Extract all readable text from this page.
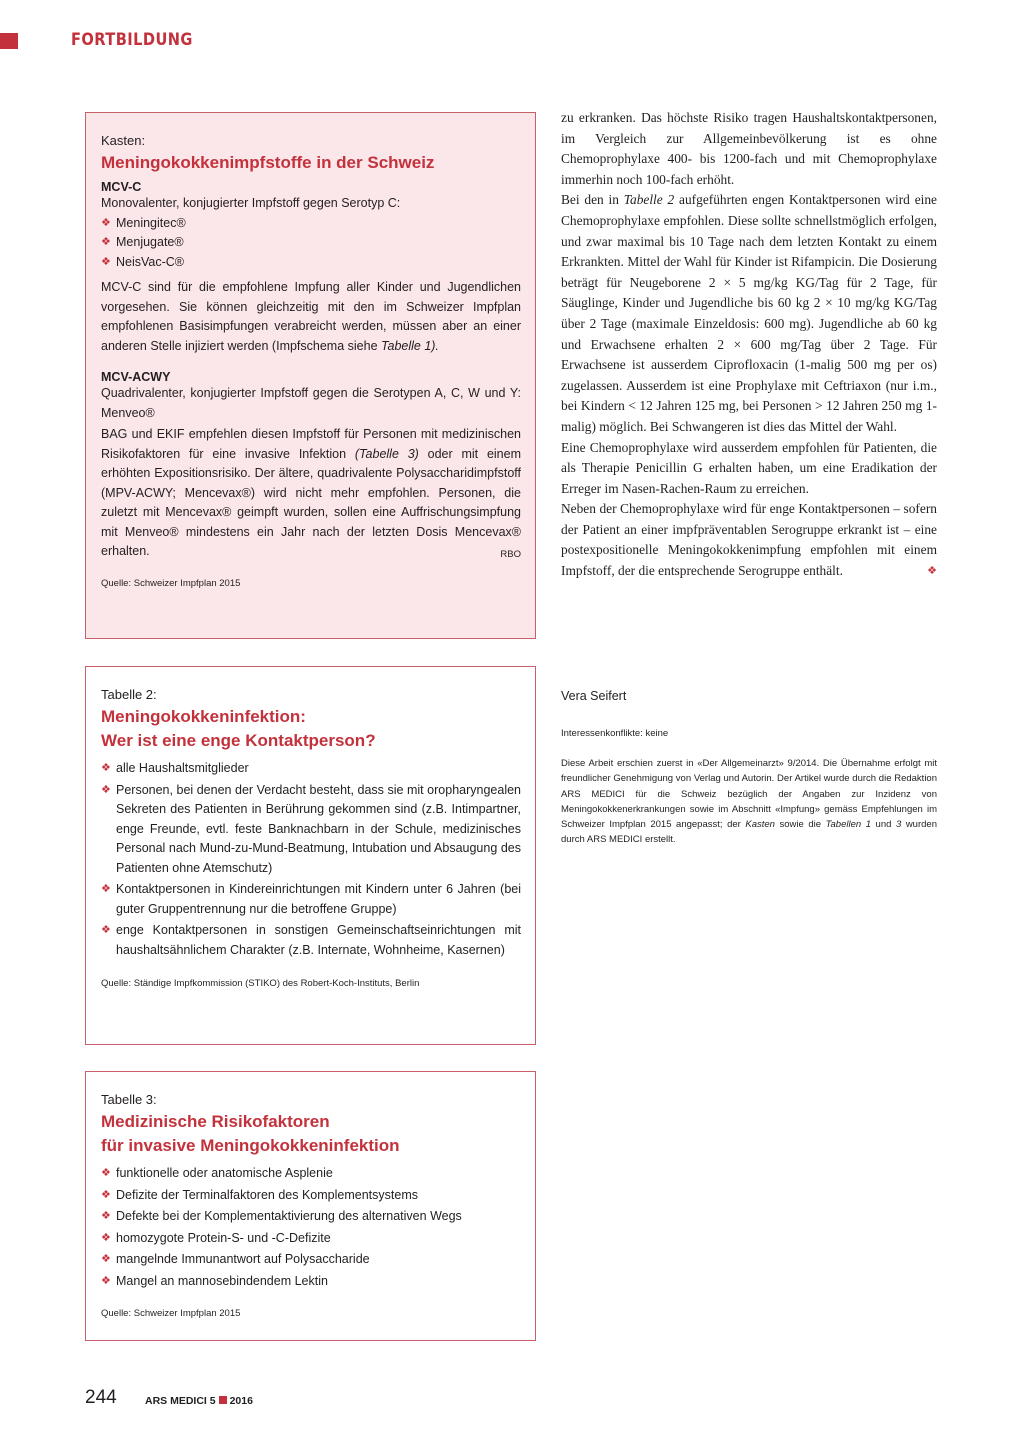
FORTBILDUNG
Kasten:
Meningokokkenimpfstoffe in der Schweiz
MCV-C
Monovalenter, konjugierter Impfstoff gegen Serotyp C:
❖ Meningitec®
❖ Menjugate®
❖ NeisVac-C®
MCV-C sind für die empfohlene Impfung aller Kinder und Jugendlichen vorgesehen. Sie können gleichzeitig mit den im Schweizer Impfplan empfohlenen Basisimpfungen verabreicht werden, müssen aber an einer anderen Stelle injiziert werden (Impfschema siehe Tabelle 1).
MCV-ACWY
Quadrivalenter, konjugierter Impfstoff gegen die Serotypen A, C, W und Y: Menveo®
BAG und EKIF empfehlen diesen Impfstoff für Personen mit medizinischen Risikofaktoren für eine invasive Infektion (Tabelle 3) oder mit einem erhöhten Expositionsrisiko. Der ältere, quadrivalente Polysaccharidimpfstoff (MPV-ACWY; Mencevax®) wird nicht mehr empfohlen. Personen, die zuletzt mit Mencevax® geimpft wurden, sollen eine Auffrischungsimpfung mit Menveo® mindestens ein Jahr nach der letzten Dosis Mencevax® erhalten.	RBO
Quelle: Schweizer Impfplan 2015
Tabelle 2:
Meningokokkeninfektion:
Wer ist eine enge Kontaktperson?
❖ alle Haushaltsmitglieder
❖ Personen, bei denen der Verdacht besteht, dass sie mit oropharyngealen Sekreten des Patienten in Berührung gekommen sind (z.B. Intimpartner, enge Freunde, evtl. feste Banknachbarn in der Schule, medizinisches Personal nach Mund-zu-Mund-Beatmung, Intubation und Absaugung des Patienten ohne Atemschutz)
❖ Kontaktpersonen in Kindereinrichtungen mit Kindern unter 6 Jahren (bei guter Gruppentrennung nur die betroffene Gruppe)
❖ enge Kontaktpersonen in sonstigen Gemeinschaftseinrichtungen mit haushaltsähnlichem Charakter (z.B. Internate, Wohnheime, Kasernen)
Quelle: Ständige Impfkommission (STIKO) des Robert-Koch-Instituts, Berlin
Tabelle 3:
Medizinische Risikofaktoren
für invasive Meningokokkeninfektion
❖ funktionelle oder anatomische Asplenie
❖ Defizite der Terminalfaktoren des Komplementsystems
❖ Defekte bei der Komplementaktivierung des alternativen Wegs
❖ homozygote Protein-S- und -C-Defizite
❖ mangelnde Immunantwort auf Polysaccharide
❖ Mangel an mannosebindendem Lektin
Quelle: Schweizer Impfplan 2015

zu erkranken. Das höchste Risiko tragen Haushaltskontaktpersonen, im Vergleich zur Allgemeinbevölkerung ist es ohne Chemoprophylaxe 400- bis 1200-fach und mit Chemoprophylaxe immerhin noch 100-fach erhöht.

Bei den in Tabelle 2 aufgeführten engen Kontaktpersonen wird eine Chemoprophylaxe empfohlen. Diese sollte schnellstmöglich erfolgen, und zwar maximal bis 10 Tage nach dem letzten Kontakt zu einem Erkrankten. Mittel der Wahl für Kinder ist Rifampicin. Die Dosierung beträgt für Neugeborene 2 × 5 mg/kg KG/Tag für 2 Tage, für Säuglinge, Kinder und Jugendliche bis 60 kg 2 × 10 mg/kg KG/Tag über 2 Tage (maximale Einzeldosis: 600 mg). Jugendliche ab 60 kg und Erwachsene erhalten 2 × 600 mg/Tag über 2 Tage. Für Erwachsene ist ausserdem Ciprofloxacin (1-malig 500 mg per os) zugelassen. Ausserdem ist eine Prophylaxe mit Ceftriaxon (nur i.m., bei Kindern < 12 Jahren 125 mg, bei Personen > 12 Jahren 250 mg 1-malig) möglich. Bei Schwangeren ist dies das Mittel der Wahl.

Eine Chemoprophylaxe wird ausserdem empfohlen für Patienten, die als Therapie Penicillin G erhalten haben, um eine Eradikation der Erreger im Nasen-Rachen-Raum zu erreichen.

Neben der Chemoprophylaxe wird für enge Kontaktpersonen – sofern der Patient an einer impfpräventablen Serogruppe erkrankt ist – eine postexpositionelle Meningokokkenimpfung empfohlen mit einem Impfstoff, der die entsprechende Serogruppe enthält.	❖

Vera Seifert
Interessenkonflikte: keine
Diese Arbeit erschien zuerst in «Der Allgemeinarzt» 9/2014. Die Übernahme erfolgt mit freundlicher Genehmigung von Verlag und Autorin. Der Artikel wurde durch die Redaktion ARS MEDICI für die Schweiz bezüglich der Angaben zur Inzidenz von Meningokokkenerkrankungen sowie im Abschnitt «Impfung» gemäss Empfehlungen im Schweizer Impfplan 2015 angepasst; der Kasten sowie die Tabellen 1 und 3 wurden durch ARS MEDICI erstellt.
244	ARS MEDICI 5 2016
